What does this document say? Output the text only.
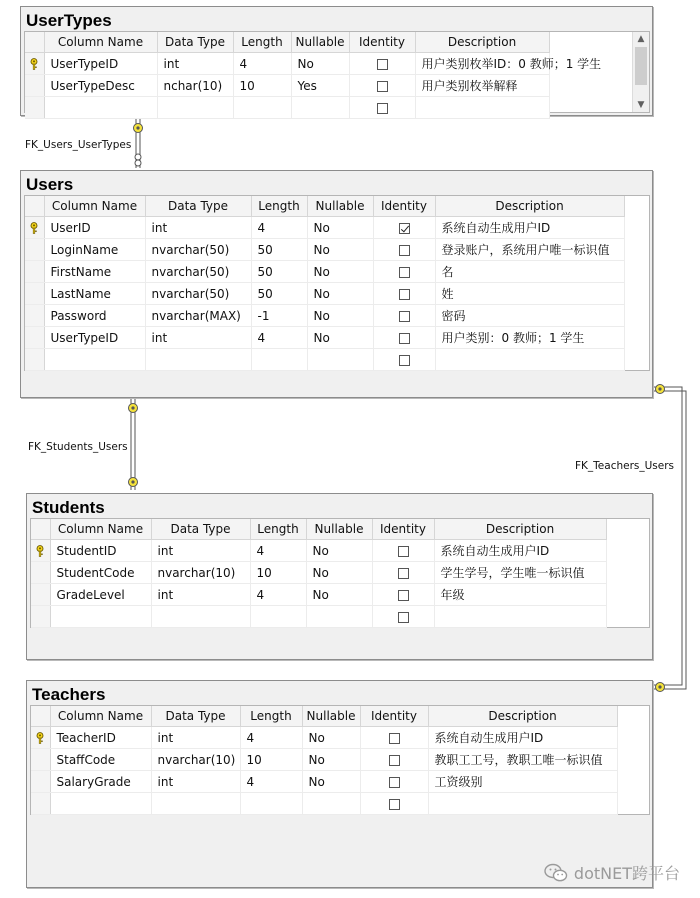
FK_Users_UserTypes
FK_Students_Users
FK_Teachers_Users
UserTypes
	Column Name	Data Type	Length	Nullable	Identity	Description
	UserTypeID	int	4	No		用户类别枚举ID：0 教师；1 学生
	UserTypeDesc	nchar(10)	10	Yes		用户类别枚举解释

▲
▼
Users
	Column Name	Data Type	Length	Nullable	Identity	Description
	UserID	int	4	No		系统自动生成用户ID
	LoginName	nvarchar(50)	50	No		登录账户，系统用户唯一标识值
	FirstName	nvarchar(50)	50	No		名
	LastName	nvarchar(50)	50	No		姓
	Password	nvarchar(MAX)	-1	No		密码
	UserTypeID	int	4	No		用户类别：0 教师；1 学生

Students
	Column Name	Data Type	Length	Nullable	Identity	Description
	StudentID	int	4	No		系统自动生成用户ID
	StudentCode	nvarchar(10)	10	No		学生学号，学生唯一标识值
	GradeLevel	int	4	No		年级

Teachers
	Column Name	Data Type	Length	Nullable	Identity	Description
	TeacherID	int	4	No		系统自动生成用户ID
	StaffCode	nvarchar(10)	10	No		教职工工号，教职工唯一标识值
	SalaryGrade	int	4	No		工资级别

dotNET跨平台
